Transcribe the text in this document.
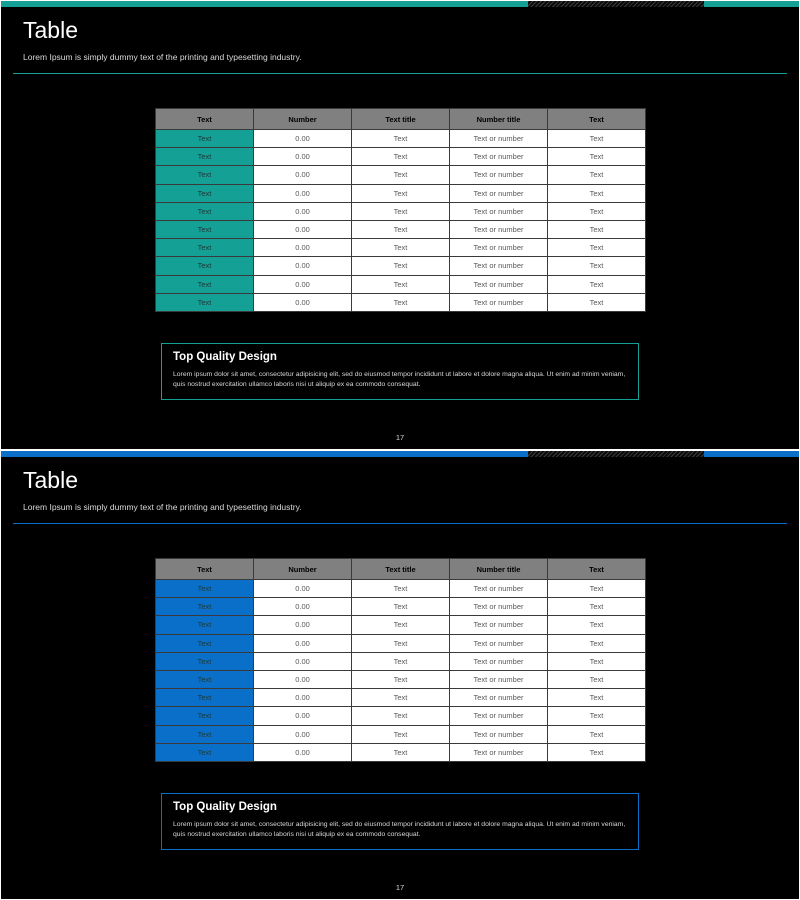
Table
Lorem Ipsum is simply dummy text of the printing and typesetting industry.
Text	Number	Text title	Number title	Text
Text	0.00	Text	Text or number	Text
Text	0.00	Text	Text or number	Text
Text	0.00	Text	Text or number	Text
Text	0.00	Text	Text or number	Text
Text	0.00	Text	Text or number	Text
Text	0.00	Text	Text or number	Text
Text	0.00	Text	Text or number	Text
Text	0.00	Text	Text or number	Text
Text	0.00	Text	Text or number	Text
Text	0.00	Text	Text or number	Text
Top Quality Design
Lorem ipsum dolor sit amet, consectetur adipisicing elit, sed do eiusmod tempor incididunt ut labore et dolore magna aliqua. Ut enim ad minim veniam, quis nostrud exercitation ullamco laboris nisi ut aliquip ex ea commodo consequat.
17
Table
Lorem Ipsum is simply dummy text of the printing and typesetting industry.
Text	Number	Text title	Number title	Text
Text	0.00	Text	Text or number	Text
Text	0.00	Text	Text or number	Text
Text	0.00	Text	Text or number	Text
Text	0.00	Text	Text or number	Text
Text	0.00	Text	Text or number	Text
Text	0.00	Text	Text or number	Text
Text	0.00	Text	Text or number	Text
Text	0.00	Text	Text or number	Text
Text	0.00	Text	Text or number	Text
Text	0.00	Text	Text or number	Text
Top Quality Design
Lorem ipsum dolor sit amet, consectetur adipisicing elit, sed do eiusmod tempor incididunt ut labore et dolore magna aliqua. Ut enim ad minim veniam, quis nostrud exercitation ullamco laboris nisi ut aliquip ex ea commodo consequat.
17
